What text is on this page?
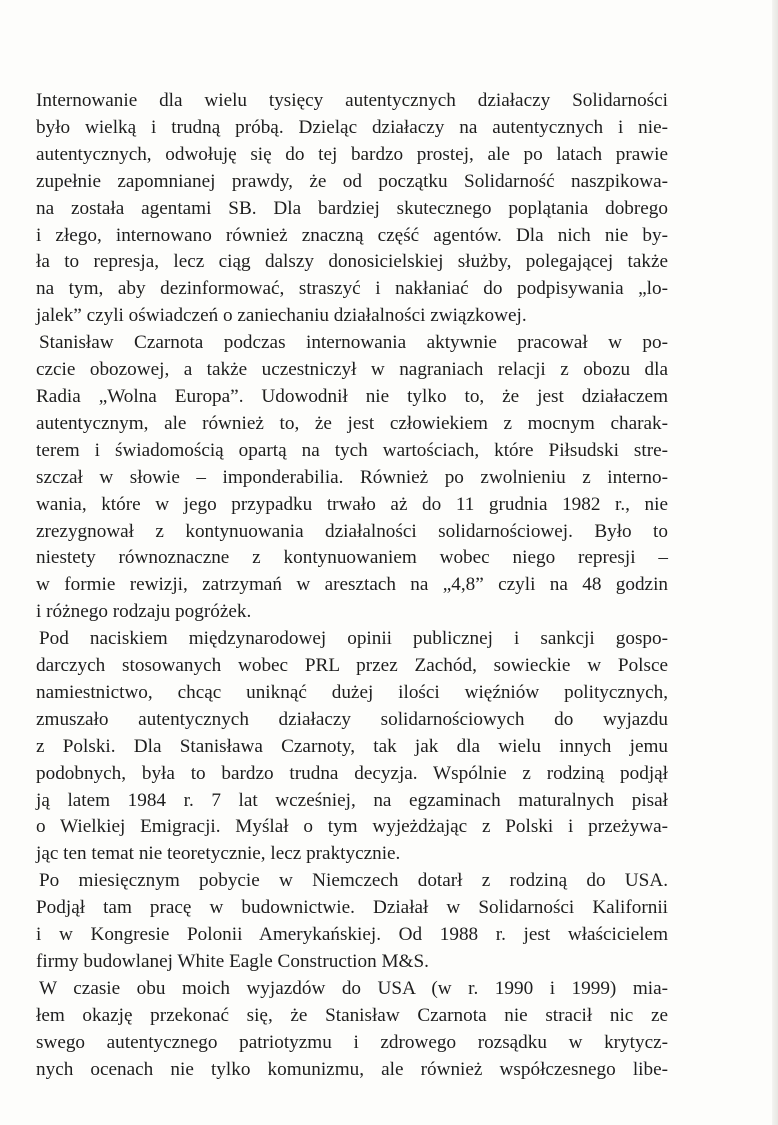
Internowanie dla wielu tysięcy autentycznych działaczy Solidarności
było wielką i trudną próbą. Dzieląc działaczy na autentycznych i nie-
autentycznych, odwołuję się do tej bardzo prostej, ale po latach prawie
zupełnie zapomnianej prawdy, że od początku Solidarność naszpikowa-
na została agentami SB. Dla bardziej skutecznego poplątania dobrego
i złego, internowano również znaczną część agentów. Dla nich nie by-
ła to represja, lecz ciąg dalszy donosicielskiej służby, polegającej także
na tym, aby dezinformować, straszyć i nakłaniać do podpisywania „lo-
jalek” czyli oświadczeń o zaniechaniu działalności związkowej.
Stanisław Czarnota podczas internowania aktywnie pracował w po-
czcie obozowej, a także uczestniczył w nagraniach relacji z obozu dla
Radia „Wolna Europa”. Udowodnił nie tylko to, że jest działaczem
autentycznym, ale również to, że jest człowiekiem z mocnym charak-
terem i świadomością opartą na tych wartościach, które Piłsudski stre-
szczał w słowie – imponderabilia. Również po zwolnieniu z interno-
wania, które w jego przypadku trwało aż do 11 grudnia 1982 r., nie
zrezygnował z kontynuowania działalności solidarnościowej. Było to
niestety równoznaczne z kontynuowaniem wobec niego represji –
w formie rewizji, zatrzymań w aresztach na „4,8” czyli na 48 godzin
i różnego rodzaju pogróżek.
Pod naciskiem międzynarodowej opinii publicznej i sankcji gospo-
darczych stosowanych wobec PRL przez Zachód, sowieckie w Polsce
namiestnictwo, chcąc uniknąć dużej ilości więźniów politycznych,
zmuszało autentycznych działaczy solidarnościowych do wyjazdu
z Polski. Dla Stanisława Czarnoty, tak jak dla wielu innych jemu
podobnych, była to bardzo trudna decyzja. Wspólnie z rodziną podjął
ją latem 1984 r. 7 lat wcześniej, na egzaminach maturalnych pisał
o Wielkiej Emigracji. Myślał o tym wyjeżdżając z Polski i przeżywa-
jąc ten temat nie teoretycznie, lecz praktycznie.
Po miesięcznym pobycie w Niemczech dotarł z rodziną do USA.
Podjął tam pracę w budownictwie. Działał w Solidarności Kalifornii
i w Kongresie Polonii Amerykańskiej. Od 1988 r. jest właścicielem
firmy budowlanej White Eagle Construction M&S.
W czasie obu moich wyjazdów do USA (w r. 1990 i 1999) mia-
łem okazję przekonać się, że Stanisław Czarnota nie stracił nic ze
swego autentycznego patriotyzmu i zdrowego rozsądku w krytycz-
nych ocenach nie tylko komunizmu, ale również współczesnego libe-
